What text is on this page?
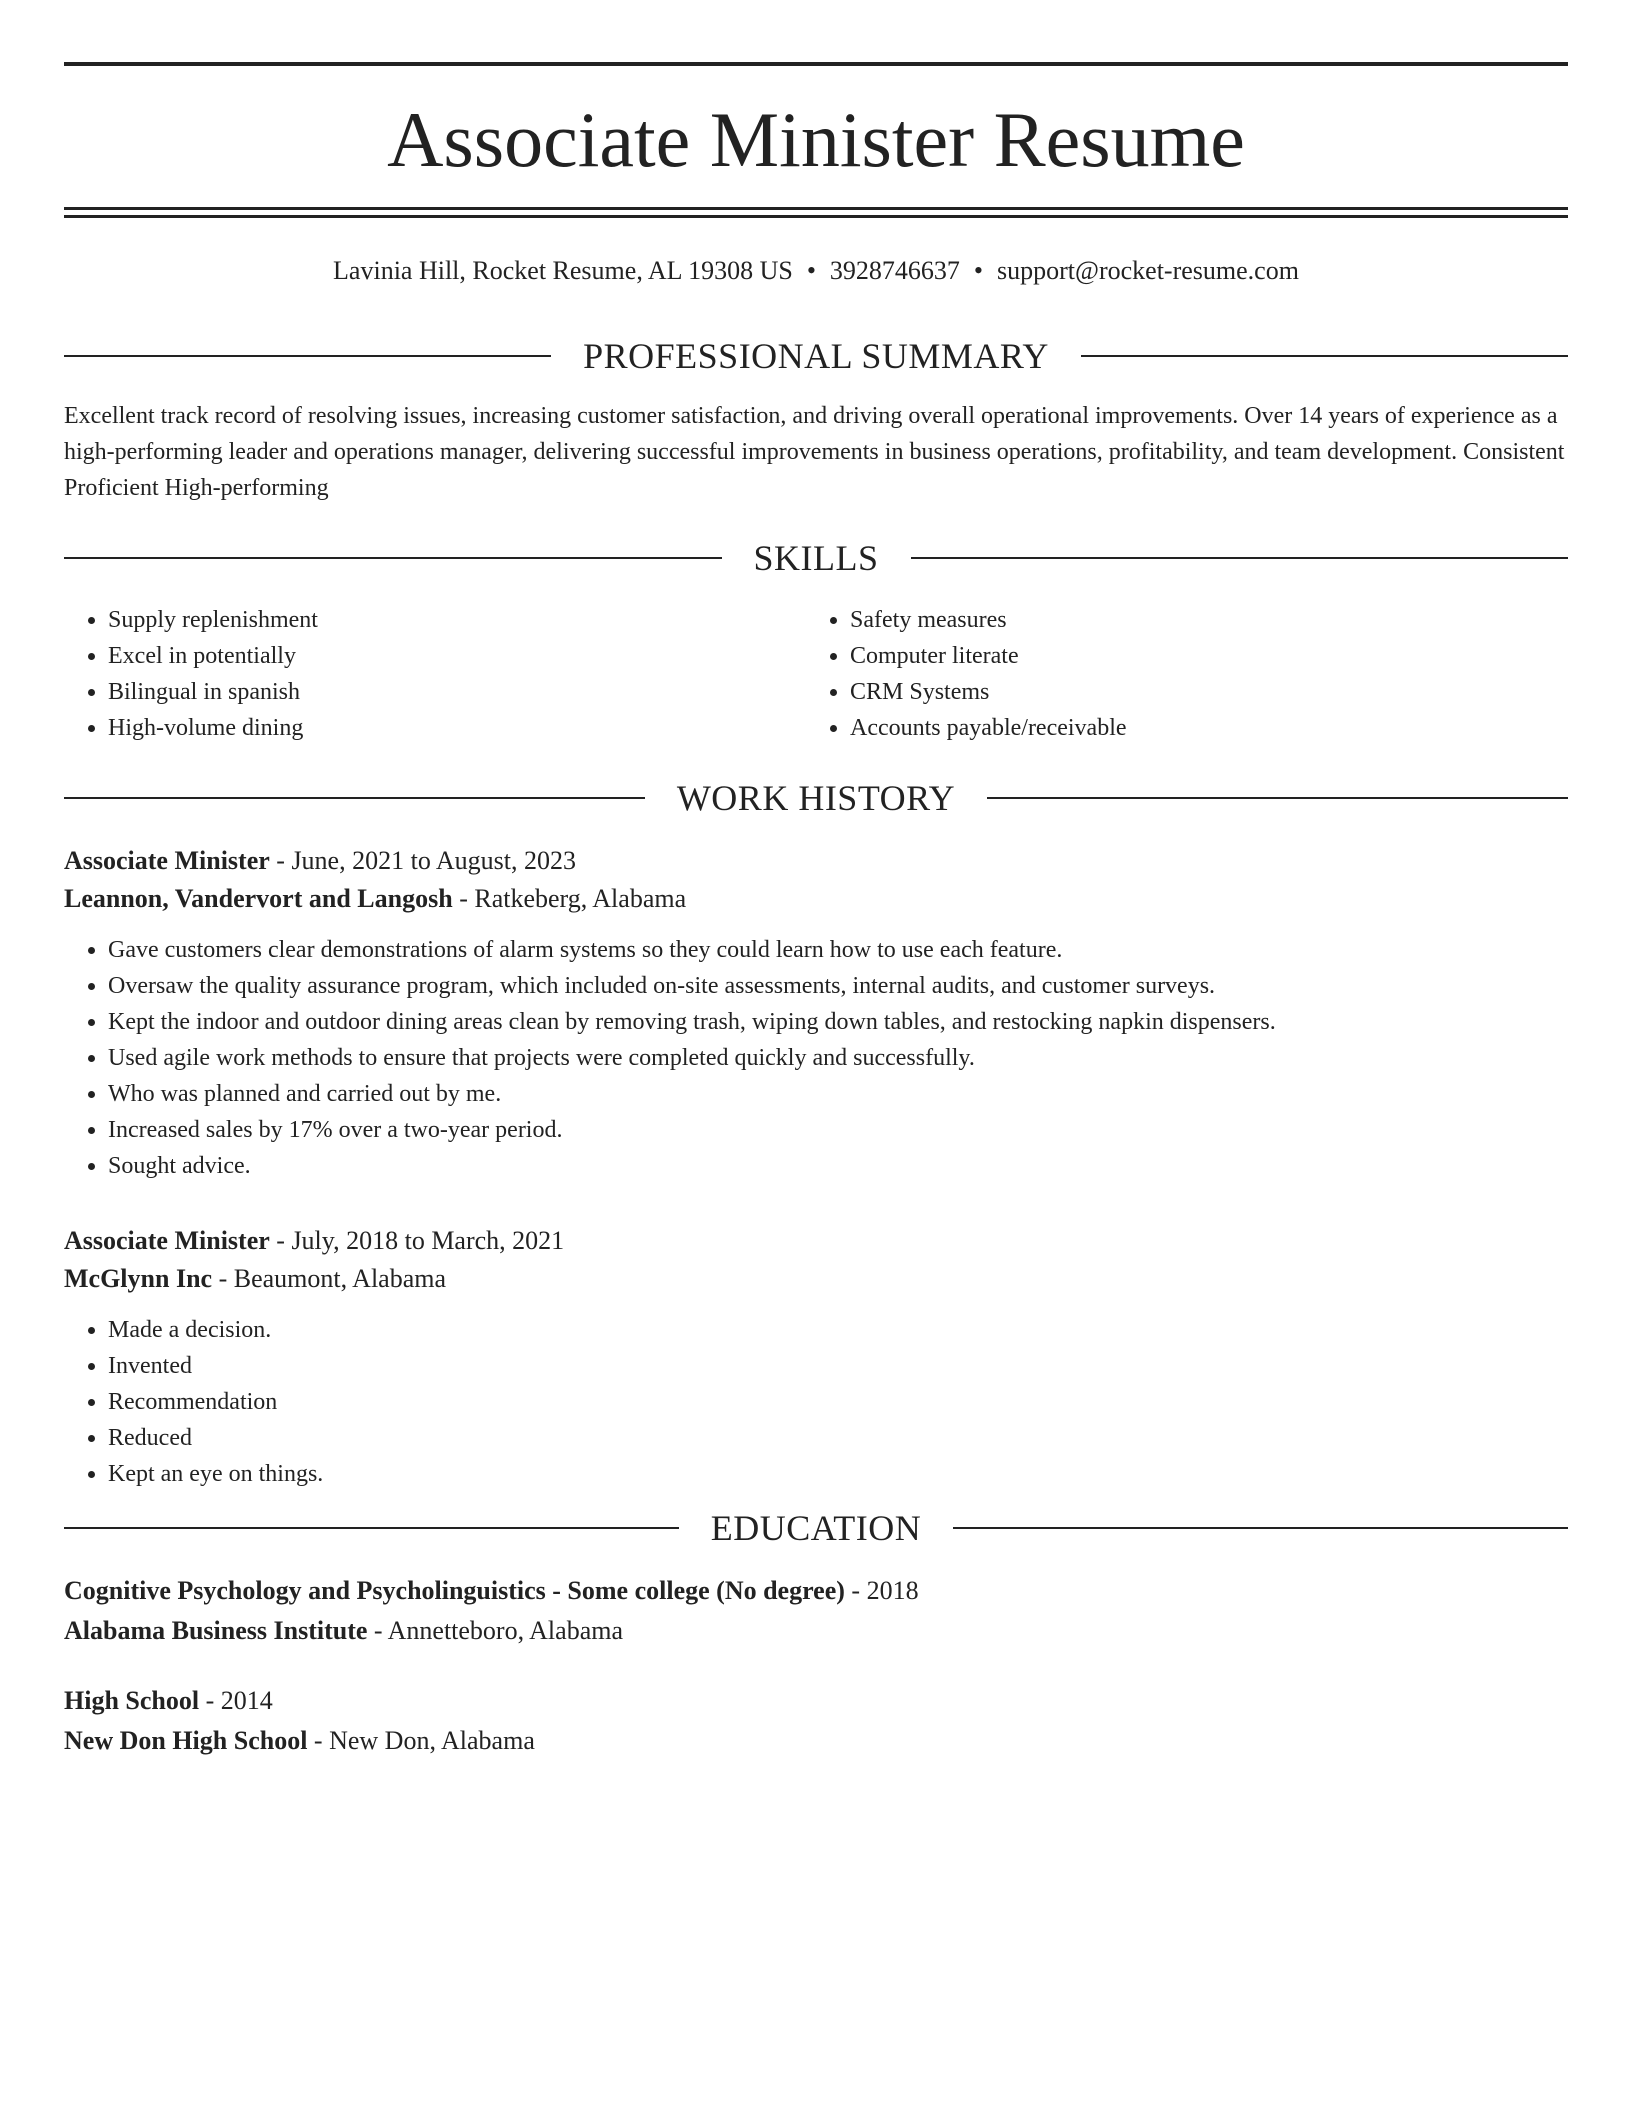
Associate Minister Resume
Lavinia Hill, Rocket Resume, AL 19308 US • 3928746637 • support@rocket-resume.com
PROFESSIONAL SUMMARY

Excellent track record of resolving issues, increasing customer satisfaction, and driving overall operational improvements. Over 14 years of experience as a high-performing leader and operations manager, delivering successful improvements in business operations, profitability, and team development. Consistent Proficient High-performing

SKILLS
• Supply replenishment
• Excel in potentially
• Bilingual in spanish
• High-volume dining
• Safety measures
• Computer literate
• CRM Systems
• Accounts payable/receivable
WORK HISTORY

Associate Minister - June, 2021 to August, 2023

Leannon, Vandervort and Langosh - Ratkeberg, Alabama

• Gave customers clear demonstrations of alarm systems so they could learn how to use each feature.
• Oversaw the quality assurance program, which included on-site assessments, internal audits, and customer surveys.
• Kept the indoor and outdoor dining areas clean by removing trash, wiping down tables, and restocking napkin dispensers.
• Used agile work methods to ensure that projects were completed quickly and successfully.
• Who was planned and carried out by me.
• Increased sales by 17% over a two-year period.
• Sought advice.

Associate Minister - July, 2018 to March, 2021

McGlynn Inc - Beaumont, Alabama

• Made a decision.
• Invented
• Recommendation
• Reduced
• Kept an eye on things.
EDUCATION

Cognitive Psychology and Psycholinguistics - Some college (No degree) - 2018

Alabama Business Institute - Annetteboro, Alabama

High School - 2014

New Don High School - New Don, Alabama
